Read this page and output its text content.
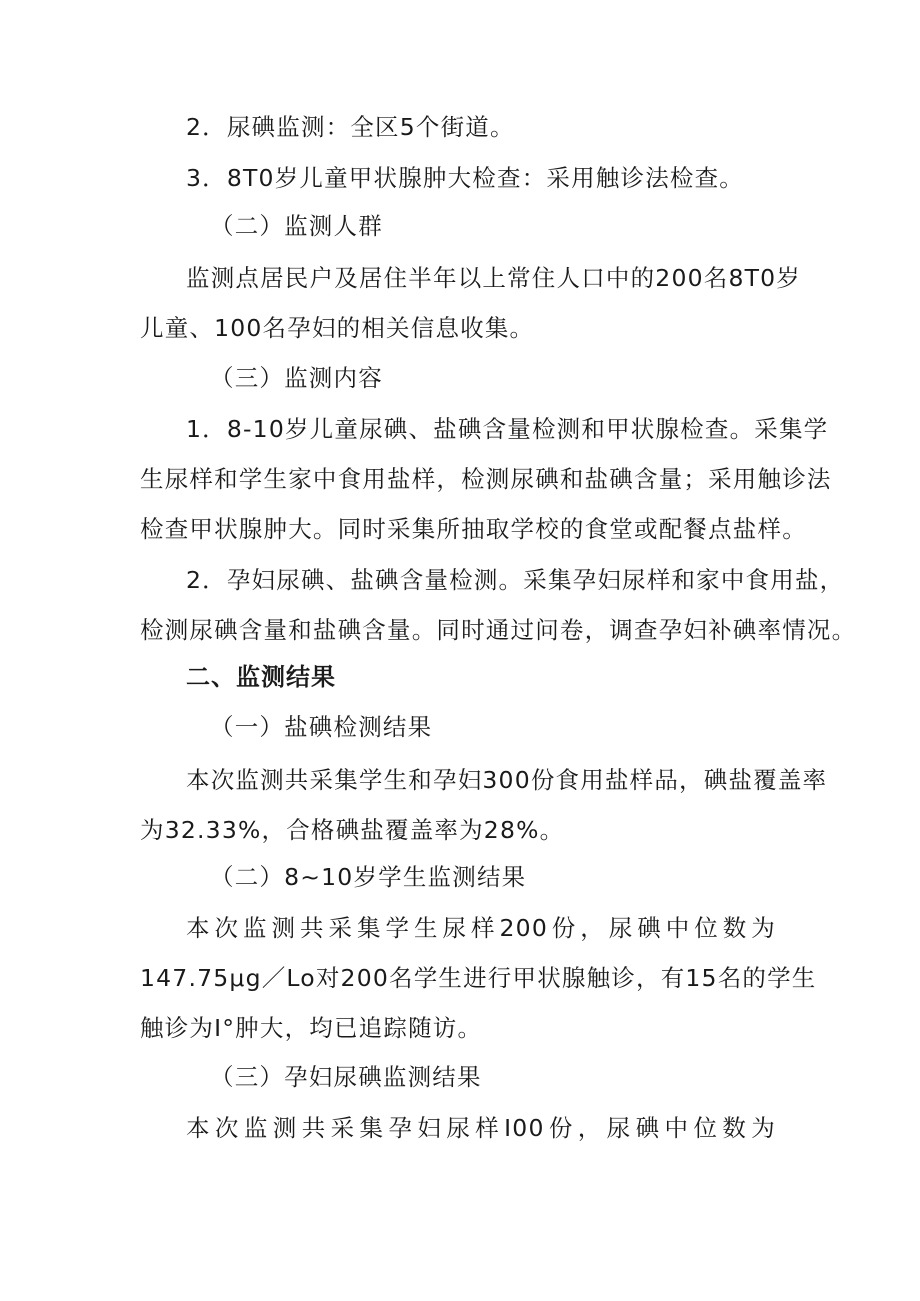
2．尿碘监测：全区5个街道。
3．8T0岁儿童甲状腺肿大检查：采用触诊法检查。
（二）监测人群
监测点居民户及居住半年以上常住人口中的200名8T0岁
儿童、100名孕妇的相关信息收集。
（三）监测内容
1．8-10岁儿童尿碘、盐碘含量检测和甲状腺检查。采集学
生尿样和学生家中食用盐样，检测尿碘和盐碘含量；采用触诊法
检查甲状腺肿大。同时采集所抽取学校的食堂或配餐点盐样。
2．孕妇尿碘、盐碘含量检测。采集孕妇尿样和家中食用盐，
检测尿碘含量和盐碘含量。同时通过问卷，调查孕妇补碘率情况。
二、监测结果
（一）盐碘检测结果
本次监测共采集学生和孕妇300份食用盐样品，碘盐覆盖率
为32.33%，合格碘盐覆盖率为28%。
（二）8~10岁学生监测结果
本次监测共采集学生尿样200份，尿碘中位数为
147.75μg／Lo对200名学生进行甲状腺触诊，有15名的学生
触诊为I°肿大，均已追踪随访。
（三）孕妇尿碘监测结果
本次监测共采集孕妇尿样I00份，尿碘中位数为
